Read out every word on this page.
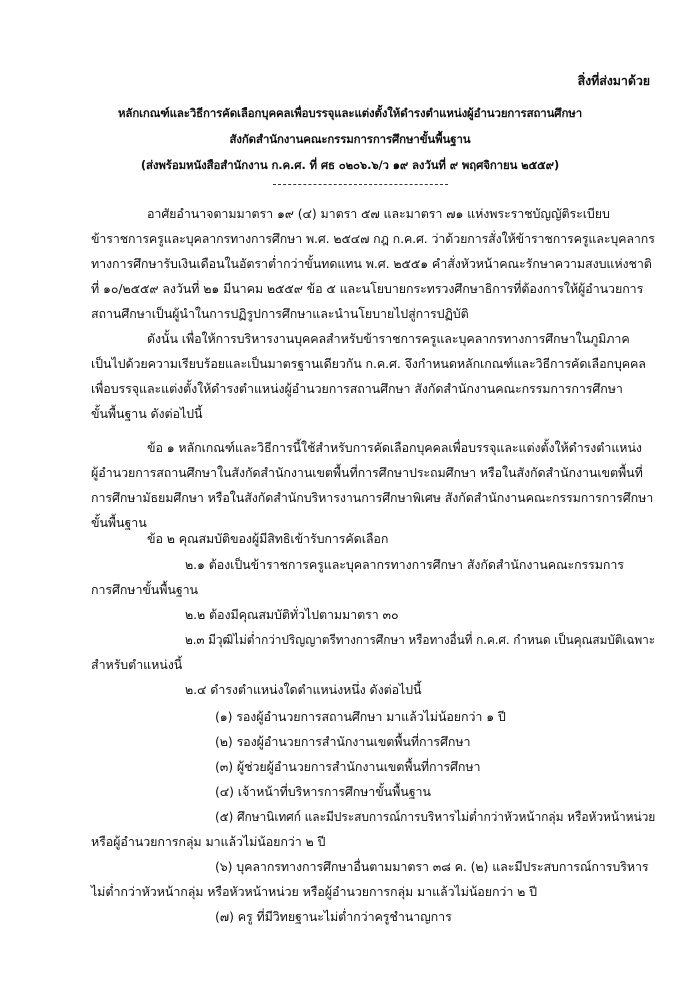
สิ่งที่ส่งมาด้วย
หลักเกณฑ์และวิธีการคัดเลือกบุคคลเพื่อบรรจุและแต่งตั้งให้ดำรงตำแหน่งผู้อำนวยการสถานศึกษา
สังกัดสำนักงานคณะกรรมการการศึกษาขั้นพื้นฐาน
(ส่งพร้อมหนังสือสำนักงาน ก.ค.ศ. ที่ ศธ ๐๒๐๖.๖/ว ๑๙ ลงวันที่ ๙ พฤศจิกายน ๒๕๕๙)
อาศัยอำนาจตามมาตรา ๑๙ (๔) มาตรา ๕๗ และมาตรา ๗๑ แห่งพระราชบัญญัติระเบียบ
ข้าราชการครูและบุคลากรทางการศึกษา พ.ศ. ๒๕๔๗ กฎ ก.ค.ศ. ว่าด้วยการสั่งให้ข้าราชการครูและบุคลากร
ทางการศึกษารับเงินเดือนในอัตราต่ำกว่าขั้นทดแทน พ.ศ. ๒๕๕๑ คำสั่งหัวหน้าคณะรักษาความสงบแห่งชาติ
ที่ ๑๐/๒๕๕๙ ลงวันที่ ๒๑ มีนาคม ๒๕๕๙ ข้อ ๕ และนโยบายกระทรวงศึกษาธิการที่ต้องการให้ผู้อำนวยการ
สถานศึกษาเป็นผู้นำในการปฏิรูปการศึกษาและนำนโยบายไปสู่การปฏิบัติ
ดังนั้น เพื่อให้การบริหารงานบุคคลสำหรับข้าราชการครูและบุคลากรทางการศึกษาในภูมิภาค
เป็นไปด้วยความเรียบร้อยและเป็นมาตรฐานเดียวกัน ก.ค.ศ. จึงกำหนดหลักเกณฑ์และวิธีการคัดเลือกบุคคล
เพื่อบรรจุและแต่งตั้งให้ดำรงตำแหน่งผู้อำนวยการสถานศึกษา สังกัดสำนักงานคณะกรรมการการศึกษา
ขั้นพื้นฐาน ดังต่อไปนี้
ข้อ ๑ หลักเกณฑ์และวิธีการนี้ใช้สำหรับการคัดเลือกบุคคลเพื่อบรรจุและแต่งตั้งให้ดำรงตำแหน่ง
ผู้อำนวยการสถานศึกษาในสังกัดสำนักงานเขตพื้นที่การศึกษาประถมศึกษา หรือในสังกัดสำนักงานเขตพื้นที่
การศึกษามัธยมศึกษา หรือในสังกัดสำนักบริหารงานการศึกษาพิเศษ สังกัดสำนักงานคณะกรรมการการศึกษา
ขั้นพื้นฐาน
ข้อ ๒ คุณสมบัติของผู้มีสิทธิเข้ารับการคัดเลือก
๒.๑ ต้องเป็นข้าราชการครูและบุคลากรทางการศึกษา สังกัดสำนักงานคณะกรรมการ
การศึกษาขั้นพื้นฐาน
๒.๒ ต้องมีคุณสมบัติทั่วไปตามมาตรา ๓๐
๒.๓ มีวุฒิไม่ต่ำกว่าปริญญาตรีทางการศึกษา หรือทางอื่นที่ ก.ค.ศ. กำหนด เป็นคุณสมบัติเฉพาะ
สำหรับตำแหน่งนี้
๒.๔ ดำรงตำแหน่งใดตำแหน่งหนึ่ง ดังต่อไปนี้
(๑) รองผู้อำนวยการสถานศึกษา มาแล้วไม่น้อยกว่า ๑ ปี
(๒) รองผู้อำนวยการสำนักงานเขตพื้นที่การศึกษา
(๓) ผู้ช่วยผู้อำนวยการสำนักงานเขตพื้นที่การศึกษา
(๔) เจ้าหน้าที่บริหารการศึกษาขั้นพื้นฐาน
(๕) ศึกษานิเทศก์ และมีประสบการณ์การบริหารไม่ต่ำกว่าหัวหน้ากลุ่ม หรือหัวหน้าหน่วย
หรือผู้อำนวยการกลุ่ม มาแล้วไม่น้อยกว่า ๒ ปี
(๖) บุคลากรทางการศึกษาอื่นตามมาตรา ๓๘ ค. (๒) และมีประสบการณ์การบริหาร
ไม่ต่ำกว่าหัวหน้ากลุ่ม หรือหัวหน้าหน่วย หรือผู้อำนวยการกลุ่ม มาแล้วไม่น้อยกว่า ๒ ปี
(๗) ครู ที่มีวิทยฐานะไม่ต่ำกว่าครูชำนาญการ
